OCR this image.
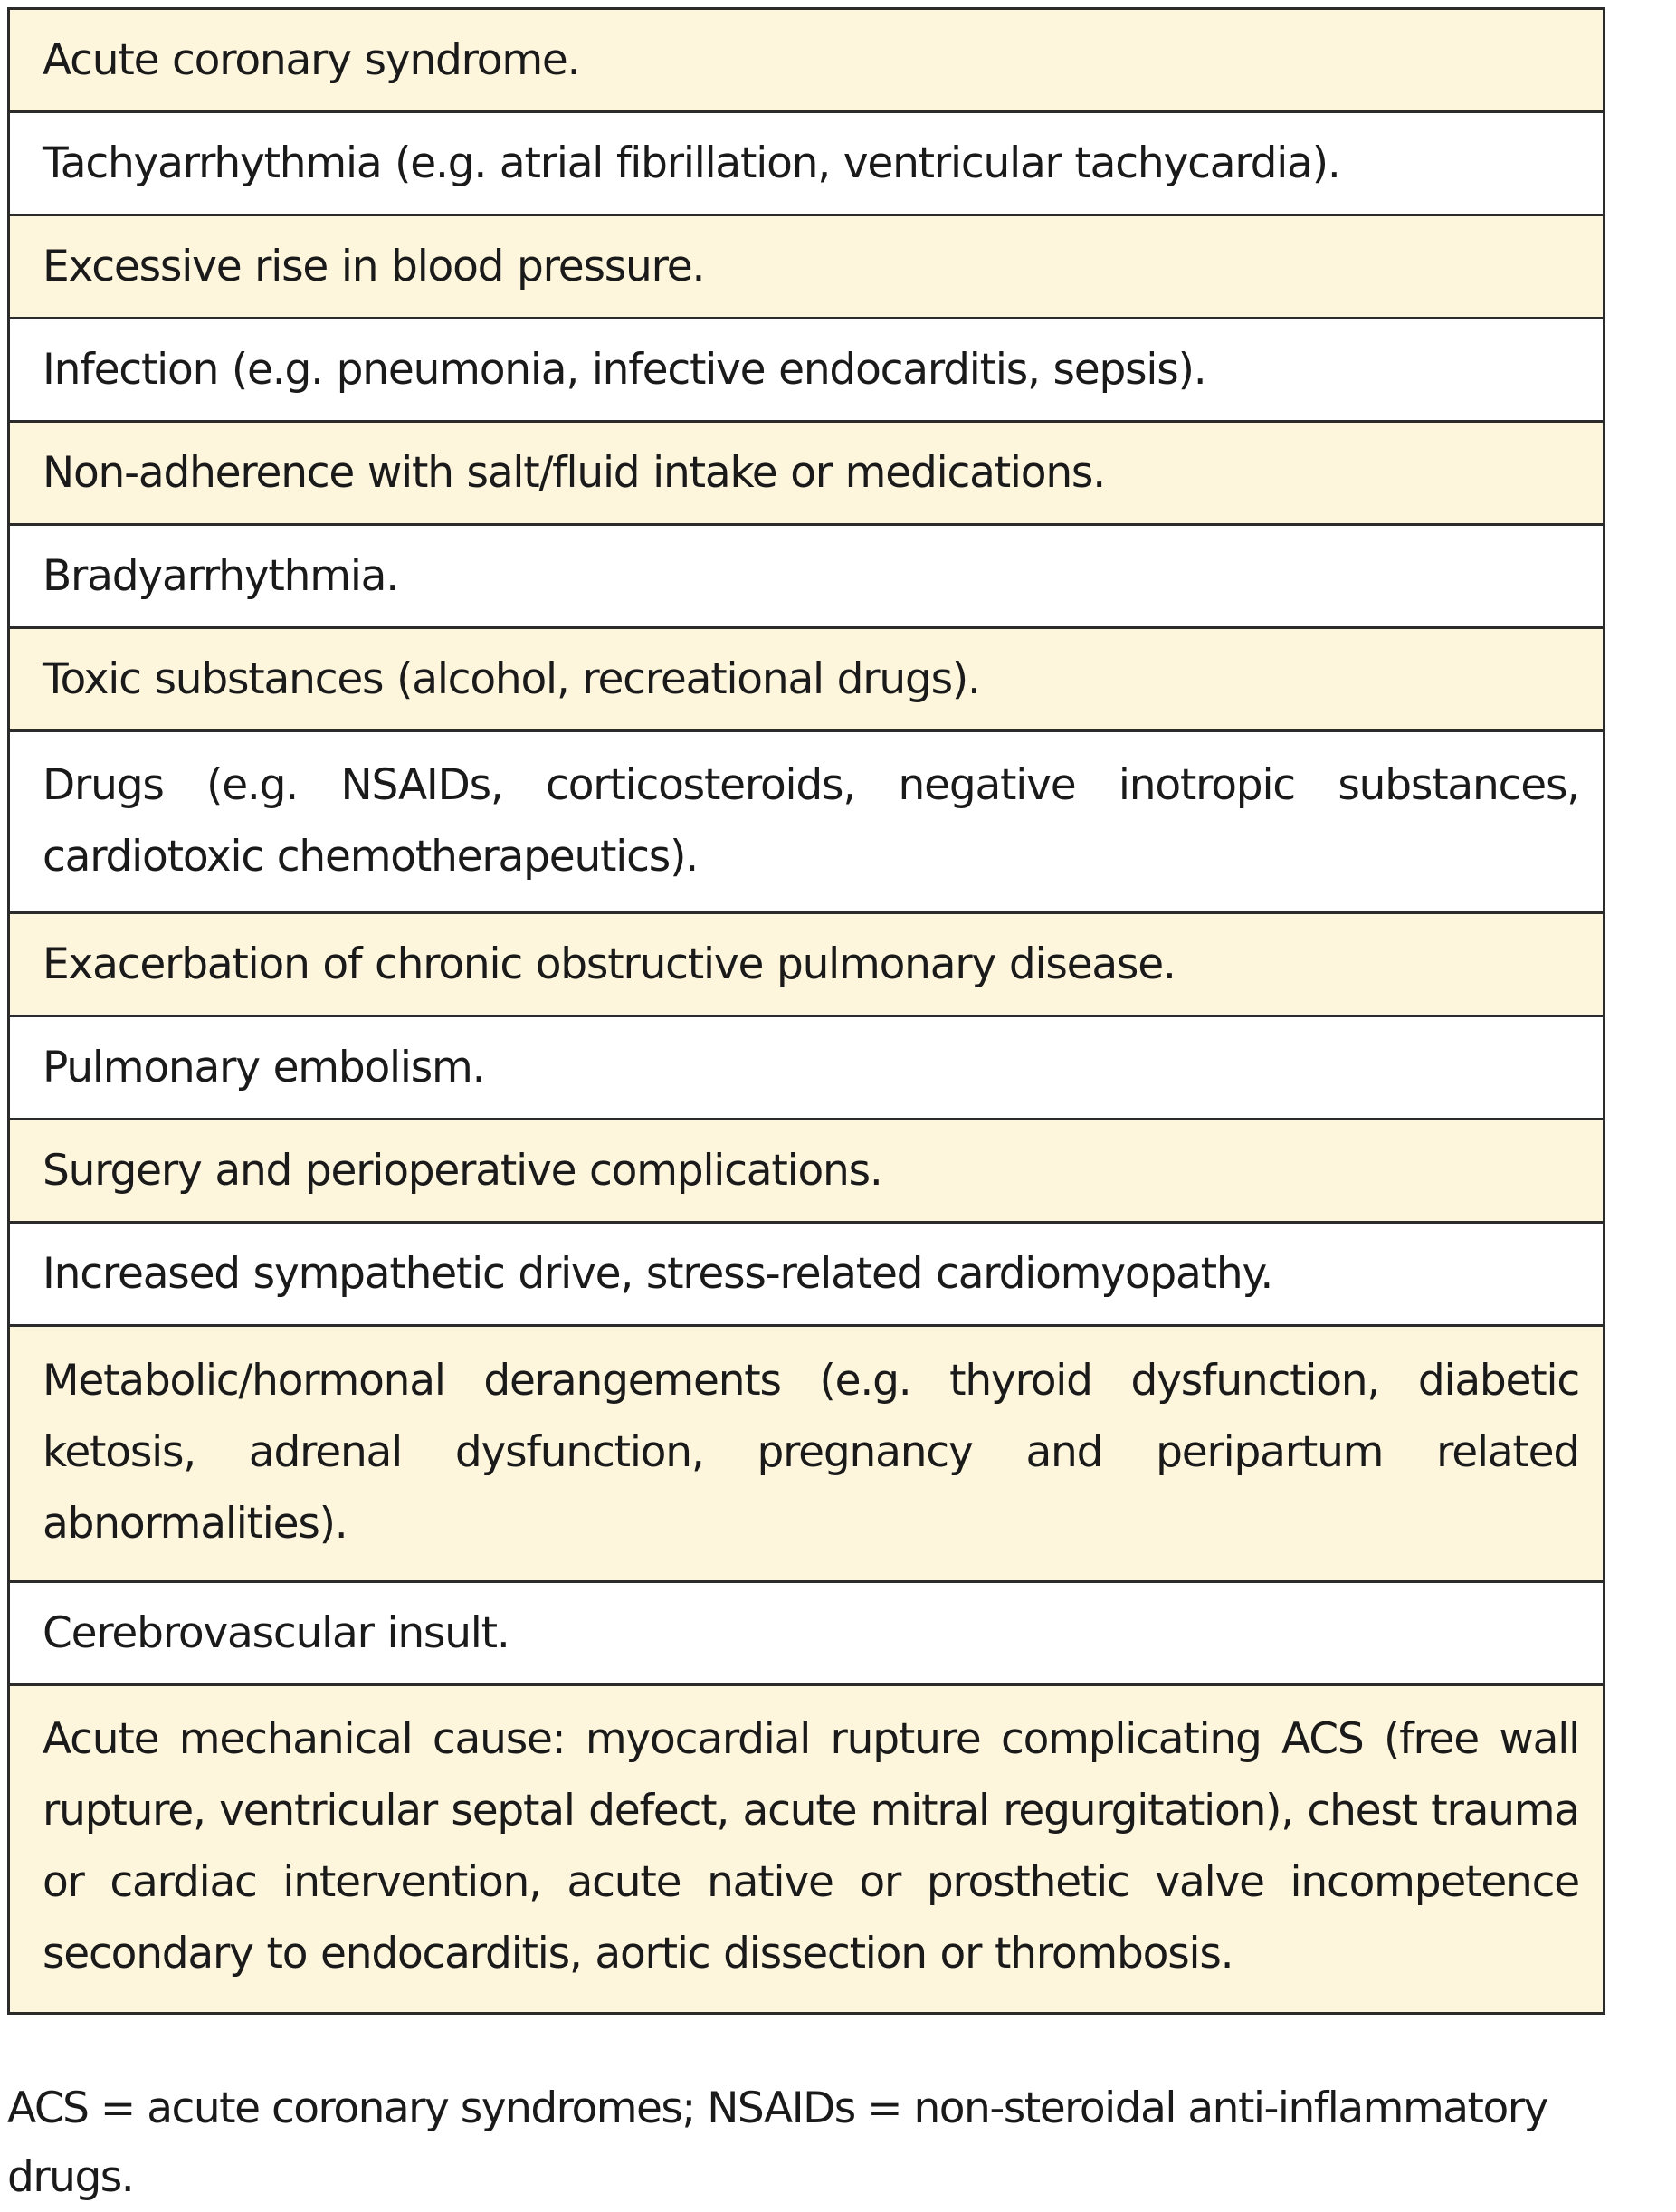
Acute coronary syndrome.
Tachyarrhythmia (e.g. atrial fibrillation, ventricular tachycardia).
Excessive rise in blood pressure.
Infection (e.g. pneumonia, infective endocarditis, sepsis).
Non-adherence with salt/fluid intake or medications.
Bradyarrhythmia.
Toxic substances (alcohol, recreational drugs).
Drugs (e.g. NSAIDs, corticosteroids, negative inotropic substances, cardiotoxic chemotherapeutics).
Exacerbation of chronic obstructive pulmonary disease.
Pulmonary embolism.
Surgery and perioperative complications.
Increased sympathetic drive, stress-related cardiomyopathy.
Metabolic/hormonal derangements (e.g. thyroid dysfunction, diabetic ketosis, adrenal dysfunction, pregnancy and peripartum related abnormalities).
Cerebrovascular insult.
Acute mechanical cause: myocardial rupture complicating ACS (free wall rupture, ventricular septal defect, acute mitral regurgitation), chest trauma or cardiac intervention, acute native or prosthetic valve incompetence secondary to endocarditis, aortic dissection or thrombosis.

ACS = acute coronary syndromes; NSAIDs = non-steroidal anti-inflammatory drugs.
